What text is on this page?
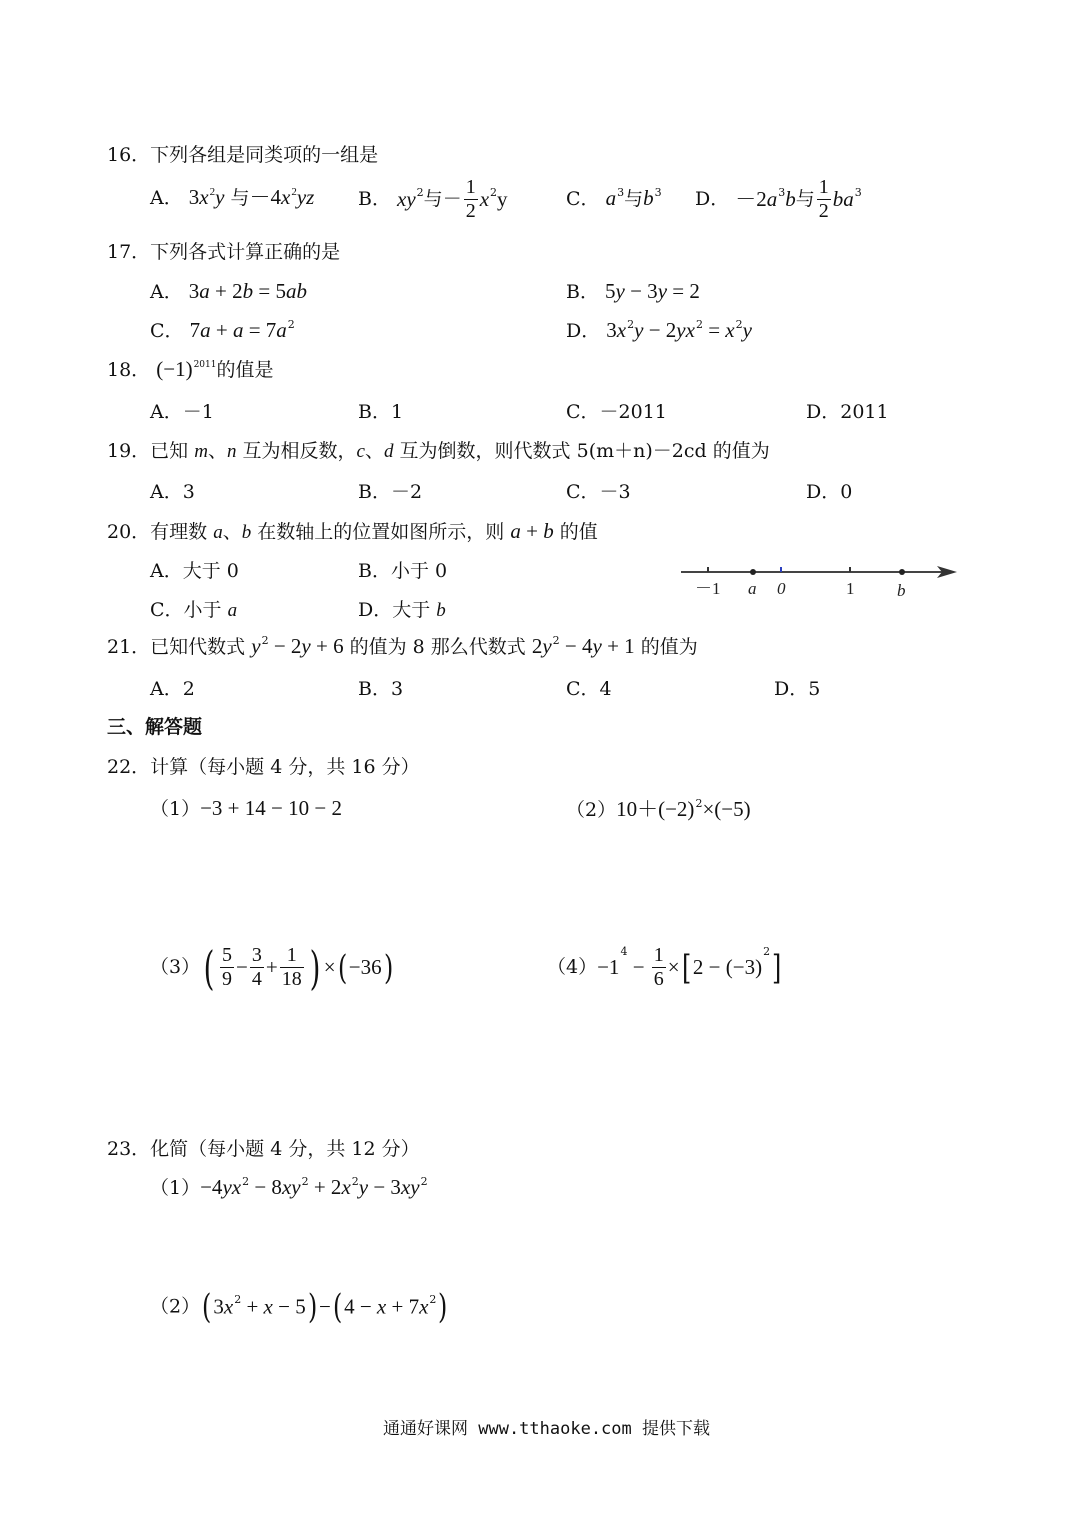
16．下列各组是同类项的一组是
A． $3x^2y$ 与$-4x^2yz$ B． $xy^2$与－ $\frac{1}{2} x^2y$	C． $a^3$与$b^3$ D． $-2a^3b$与 $\frac{1}{2} ba^3$
17．下列各式计算正确的是
A． 3a + 2b = 5ab	B． 5y − 3y = 2
C． $7a + a = 7a^2$	D． $3x^2y - 2yx^2 = x^2y$
18． $(-1)^{2011}$的值是
A．－1	B．1	C．－2011	D．2011
19．已知 m、n 互为相反数，c、d 互为倒数，则代数式 5(m＋n)－2cd 的值为
A．3	B．－2	C．－3	D．0
20．有理数 a、b 在数轴上的位置如图所示，则 a + b 的值
A．大于 0	B．小于 0
C．小于 a	D．大于 b
－1 a 0	1	b
21．已知代数式 $y^2 - 2y + 6$ 的值为 8 那么代数式 $2y^2 - 4y + 1$ 的值为
A．2	B．3	C．4	D．5
三、解答题
22．计算（每小题 4 分，共 16 分）
（1）−3 + 14 − 10 − 2	$(2)10+(-2)^2\times(-5)$
$(3)( \frac{5}{9} - \frac{3}{4} + \frac{1}{18}$ ) ×(−36)	$(4)-1^4 - \frac{1}{6} \times[2 - (-3)^2]$
23．化简（每小题 4 分，共 12 分）
$(1)-4yx^2 - 8xy^2 + 2x^2y - 3xy^2$
$(2)(3x^2 + x - 5)-(4 - x + 7x^2)$
通通好课网 www.tthaoke.com 提供下载
